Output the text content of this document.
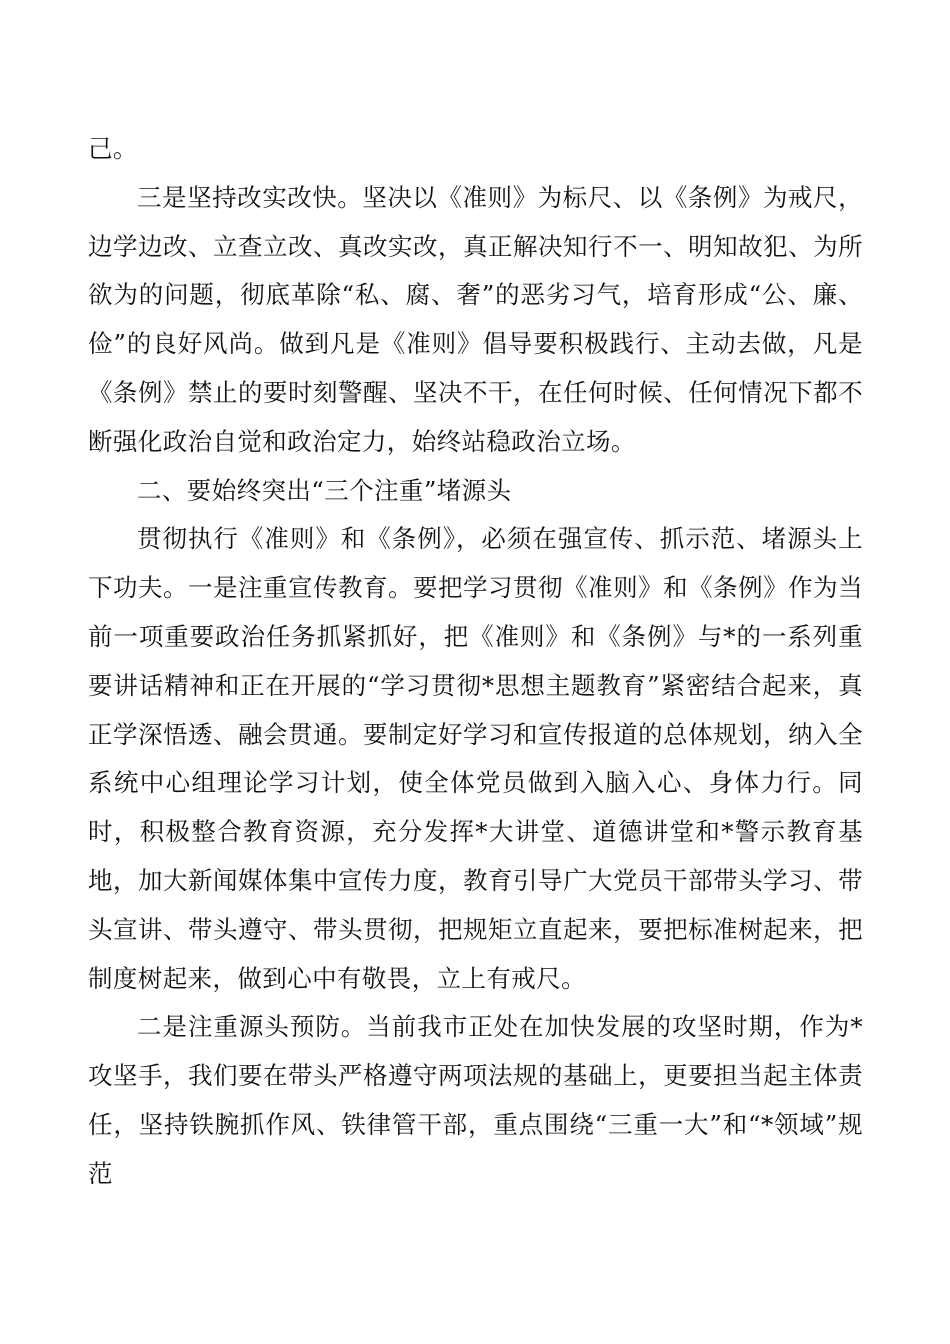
己。

三是坚持改实改快。坚决以《准则》为标尺、以《条例》为戒尺，边学边改、立查立改、真改实改，真正解决知行不一、明知故犯、为所欲为的问题，彻底革除“私、腐、奢”的恶劣习气，培育形成“公、廉、俭”的良好风尚。做到凡是《准则》倡导要积极践行、主动去做，凡是《条例》禁止的要时刻警醒、坚决不干，在任何时候、任何情况下都不断强化政治自觉和政治定力，始终站稳政治立场。

二、要始终突出“三个注重”堵源头

贯彻执行《准则》和《条例》，必须在强宣传、抓示范、堵源头上下功夫。一是注重宣传教育。要把学习贯彻《准则》和《条例》作为当前一项重要政治任务抓紧抓好，把《准则》和《条例》与*的一系列重要讲话精神和正在开展的“学习贯彻*思想主题教育”紧密结合起来，真正学深悟透、融会贯通。要制定好学习和宣传报道的总体规划，纳入全系统中心组理论学习计划，使全体党员做到入脑入心、身体力行。同时，积极整合教育资源，充分发挥*大讲堂、道德讲堂和*警示教育基地，加大新闻媒体集中宣传力度，教育引导广大党员干部带头学习、带头宣讲、带头遵守、带头贯彻，把规矩立直起来，要把标准树起来，把制度树起来，做到心中有敬畏，立上有戒尺。

二是注重源头预防。当前我市正处在加快发展的攻坚时期，作为*攻坚手，我们要在带头严格遵守两项法规的基础上，更要担当起主体责任，坚持铁腕抓作风、铁律管干部，重点围绕“三重一大”和“*领域”规范
